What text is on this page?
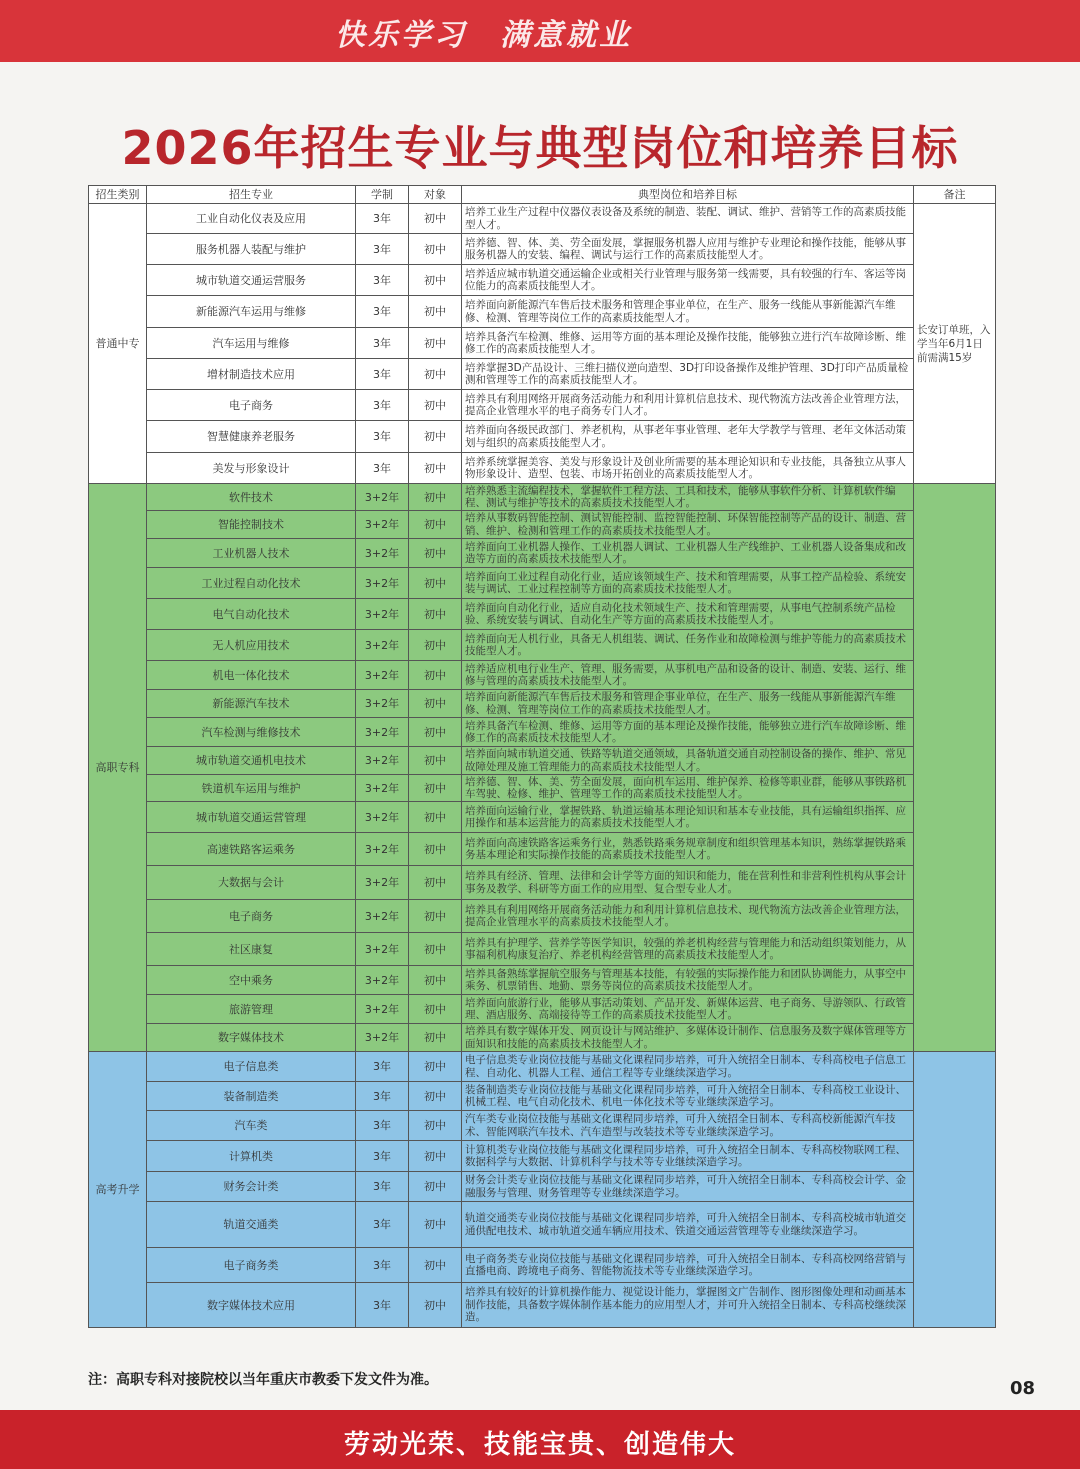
快乐学习　满意就业
2026年招生专业与典型岗位和培养目标
招生类别	招生专业	学制	对象	典型岗位和培养目标	备注
普通中专	工业自动化仪表及应用	3年	初中	培养工业生产过程中仪器仪表设备及系统的制造、装配、调试、维护、营销等工作的高素质技能型人才。	长安订单班，入学当年6月1日前需满15岁
	服务机器人装配与维护	3年	初中	培养德、智、体、美、劳全面发展，掌握服务机器人应用与维护专业理论和操作技能，能够从事服务机器人的安装、编程、调试与运行工作的高素质技能型人才。	
	城市轨道交通运营服务	3年	初中	培养适应城市轨道交通运输企业或相关行业管理与服务第一线需要，具有较强的行车、客运等岗位能力的高素质技能型人才。	
	新能源汽车运用与维修	3年	初中	培养面向新能源汽车售后技术服务和管理企事业单位，在生产、服务一线能从事新能源汽车维修、检测、管理等岗位工作的高素质技能型人才。	
	汽车运用与维修	3年	初中	培养具备汽车检测、维修、运用等方面的基本理论及操作技能，能够独立进行汽车故障诊断、维修工作的高素质技能型人才。	
	增材制造技术应用	3年	初中	培养掌握3D产品设计、三维扫描仪逆向造型、3D打印设备操作及维护管理、3D打印产品质量检测和管理等工作的高素质技能型人才。	
	电子商务	3年	初中	培养具有利用网络开展商务活动能力和利用计算机信息技术、现代物流方法改善企业管理方法，提高企业管理水平的电子商务专门人才。	
	智慧健康养老服务	3年	初中	培养面向各级民政部门、养老机构，从事老年事业管理、老年大学教学与管理、老年文体活动策划与组织的高素质技能型人才。	
	美发与形象设计	3年	初中	培养系统掌握美容、美发与形象设计及创业所需要的基本理论知识和专业技能，具备独立从事人物形象设计、造型、包装、市场开拓创业的高素质技能型人才。	
高职专科	软件技术	3+2年	初中	培养熟悉主流编程技术，掌握软件工程方法、工具和技术，能够从事软件分析、计算机软件编程、测试与维护等技术的高素质技术技能型人才。	
	智能控制技术	3+2年	初中	培养从事数码智能控制、测试智能控制、监控智能控制、环保智能控制等产品的设计、制造、营销、维护、检测和管理工作的高素质技术技能型人才。	
	工业机器人技术	3+2年	初中	培养面向工业机器人操作、工业机器人调试、工业机器人生产线维护、工业机器人设备集成和改造等方面的高素质技术技能型人才。	
	工业过程自动化技术	3+2年	初中	培养面向工业过程自动化行业，适应该领域生产、技术和管理需要，从事工控产品检验、系统安装与调试、工业过程控制等方面的高素质技术技能型人才。	
	电气自动化技术	3+2年	初中	培养面向自动化行业，适应自动化技术领域生产、技术和管理需要，从事电气控制系统产品检验、系统安装与调试、自动化生产等方面的高素质技术技能型人才。	
	无人机应用技术	3+2年	初中	培养面向无人机行业，具备无人机组装、调试、任务作业和故障检测与维护等能力的高素质技术技能型人才。	
	机电一体化技术	3+2年	初中	培养适应机电行业生产、管理、服务需要，从事机电产品和设备的设计、制造、安装、运行、维修与管理的高素质技术技能型人才。	
	新能源汽车技术	3+2年	初中	培养面向新能源汽车售后技术服务和管理企事业单位，在生产、服务一线能从事新能源汽车维修、检测、管理等岗位工作的高素质技术技能型人才。	
	汽车检测与维修技术	3+2年	初中	培养具备汽车检测、维修、运用等方面的基本理论及操作技能，能够独立进行汽车故障诊断、维修工作的高素质技术技能型人才。	
	城市轨道交通机电技术	3+2年	初中	培养面向城市轨道交通、铁路等轨道交通领域，具备轨道交通自动控制设备的操作、维护、常见故障处理及施工管理能力的高素质技术技能型人才。	
	铁道机车运用与维护	3+2年	初中	培养德、智、体、美、劳全面发展，面向机车运用、维护保养、检修等职业群，能够从事铁路机车驾驶、检修、维护、管理等工作的高素质技术技能型人才。	
	城市轨道交通运营管理	3+2年	初中	培养面向运输行业，掌握铁路、轨道运输基本理论知识和基本专业技能，具有运输组织指挥、应用操作和基本运营能力的高素质技术技能型人才。	
	高速铁路客运乘务	3+2年	初中	培养面向高速铁路客运乘务行业，熟悉铁路乘务规章制度和组织管理基本知识，熟练掌握铁路乘务基本理论和实际操作技能的高素质技术技能型人才。	
	大数据与会计	3+2年	初中	培养具有经济、管理、法律和会计学等方面的知识和能力，能在营利性和非营利性机构从事会计事务及教学、科研等方面工作的应用型、复合型专业人才。	
	电子商务	3+2年	初中	培养具有利用网络开展商务活动能力和利用计算机信息技术、现代物流方法改善企业管理方法，提高企业管理水平的高素质技术技能型人才。	
	社区康复	3+2年	初中	培养具有护理学、营养学等医学知识，较强的养老机构经营与管理能力和活动组织策划能力，从事福利机构康复治疗、养老机构经营管理的高素质技术技能型人才。	
	空中乘务	3+2年	初中	培养具备熟练掌握航空服务与管理基本技能，有较强的实际操作能力和团队协调能力，从事空中乘务、机票销售、地勤、票务等岗位的高素质技术技能型人才。	
	旅游管理	3+2年	初中	培养面向旅游行业，能够从事活动策划、产品开发、新媒体运营、电子商务、导游领队、行政管理、酒店服务、高端接待等工作的高素质技术技能型人才。	
	数字媒体技术	3+2年	初中	培养具有数字媒体开发、网页设计与网站维护、多媒体设计制作、信息服务及数字媒体管理等方面知识和技能的高素质技术技能型人才。	
高考升学	电子信息类	3年	初中	电子信息类专业岗位技能与基础文化课程同步培养，可升入统招全日制本、专科高校电子信息工程、自动化、机器人工程、通信工程等专业继续深造学习。	
	装备制造类	3年	初中	装备制造类专业岗位技能与基础文化课程同步培养，可升入统招全日制本、专科高校工业设计、机械工程、电气自动化技术、机电一体化技术等专业继续深造学习。	
	汽车类	3年	初中	汽车类专业岗位技能与基础文化课程同步培养，可升入统招全日制本、专科高校新能源汽车技术、智能网联汽车技术、汽车造型与改装技术等专业继续深造学习。	
	计算机类	3年	初中	计算机类专业岗位技能与基础文化课程同步培养，可升入统招全日制本、专科高校物联网工程、数据科学与大数据、计算机科学与技术等专业继续深造学习。	
	财务会计类	3年	初中	财务会计类专业岗位技能与基础文化课程同步培养，可升入统招全日制本、专科高校会计学、金融服务与管理、财务管理等专业继续深造学习。	
	轨道交通类	3年	初中	轨道交通类专业岗位技能与基础文化课程同步培养，可升入统招全日制本、专科高校城市轨道交通供配电技术、城市轨道交通车辆应用技术、铁道交通运营管理等专业继续深造学习。	
	电子商务类	3年	初中	电子商务类专业岗位技能与基础文化课程同步培养，可升入统招全日制本、专科高校网络营销与直播电商、跨境电子商务、智能物流技术等专业继续深造学习。	
	数字媒体技术应用	3年	初中	培养具有较好的计算机操作能力、视觉设计能力，掌握图文广告制作、图形图像处理和动画基本制作技能，具备数字媒体制作基本能力的应用型人才，并可升入统招全日制本、专科高校继续深造。	
注：高职专科对接院校以当年重庆市教委下发文件为准。	08
劳动光荣、技能宝贵、创造伟大
